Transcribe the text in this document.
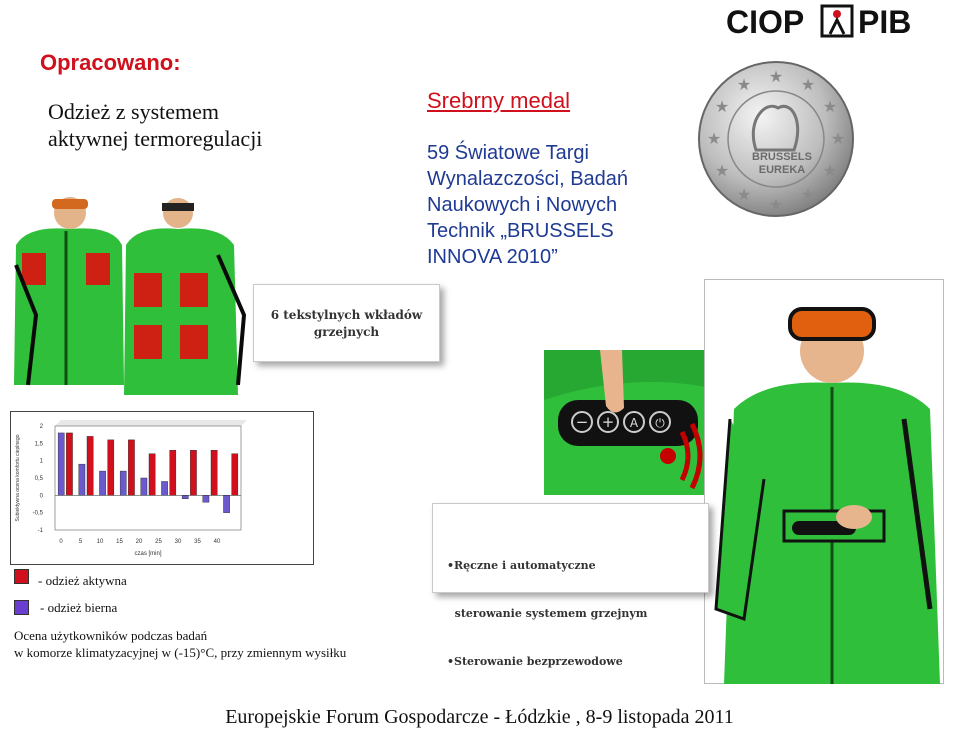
CIOP PIB
Opracowano:
Odzież z systemem
aktywnej termoregulacji
Srebrny medal
59 Światowe Targi
Wynalazczości, Badań
Naukowych i Nowych
Technik „BRUSSELS
INNOVA 2010”
★ ★
★
★
★
★
★
★
★
★
★
★
BRUSSELS
EUREKA
6 tekstylnych wkładów
grzejnych
− + A ⏻

•Ręczne i automatyczne

sterowanie systemem grzejnym

•Sterowanie bezprzewodowe

2
1,5
1
0,5
0
-0,5
-1
0	5 10 15 20 25 30 35 40
Subiektywna ocena komfortu cieplnego
czas [min]
- odzież aktywna
- odzież bierna
Ocena użytkowników podczas badań
w komorze klimatyzacyjnej w (-15)°C, przy zmiennym wysiłku
Europejskie Forum Gospodarcze - Łódzkie , 8-9 listopada 2011
